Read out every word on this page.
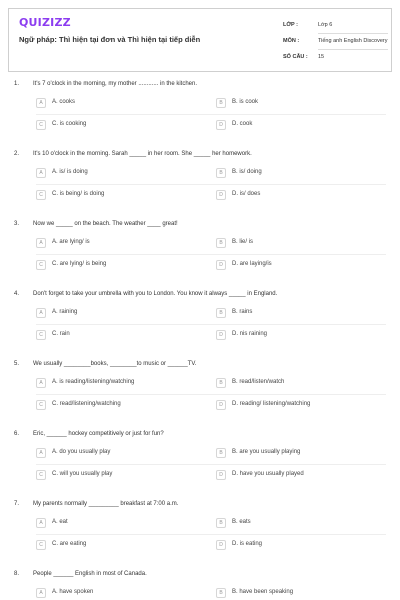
QUIZIZZ
Ngữ pháp: Thì hiện tại đơn và Thì hiện tại tiếp diễn
LỚP :	Lớp 6
MÔN :	Tiếng anh English Discovery
SỐ CÂU : 15
1. It's 7 o'clock in the morning, my mother ............ in the kitchen.
A	A. cooks	B	B. is cook
C	C. is cooking	D	D. cook
2. It's 10 o'clock in the morning. Sarah _____ in her room. She _____ her homework.
A	A. is/ is doing	B	B. is/ doing
C	C. is being/ is doing	D	D. is/ does
3. Now we _____ on the beach. The weather ____ great!
A	A. are lying/ is	B	B. lie/ is
C	C. are lying/ is being	D	D. are laying/is
4. Don't forget to take your umbrella with you to London. You know it always _____ in England.
A	A. raining	B	B. rains
C	C. rain	D	D. nis raining
5. We usually ________books, ________to music or ______TV.
A	A. is reading/listening/watching	B	B. read/listen/watch
C	C. read/listening/watching	D	D. reading/ listening/watching
6. Eric, ______ hockey competitively or just for fun?
A	A. do you usually play	B	B. are you usually playing
C	C. will you usually play	D	D. have you usually played
7. My parents normally _________ breakfast at 7:00 a.m.
A	A. eat	B	B. eats
C	C. are eating	D	D. is eating
8. People ______ English in most of Canada.
A	A. have spoken	B	B. have been speaking
